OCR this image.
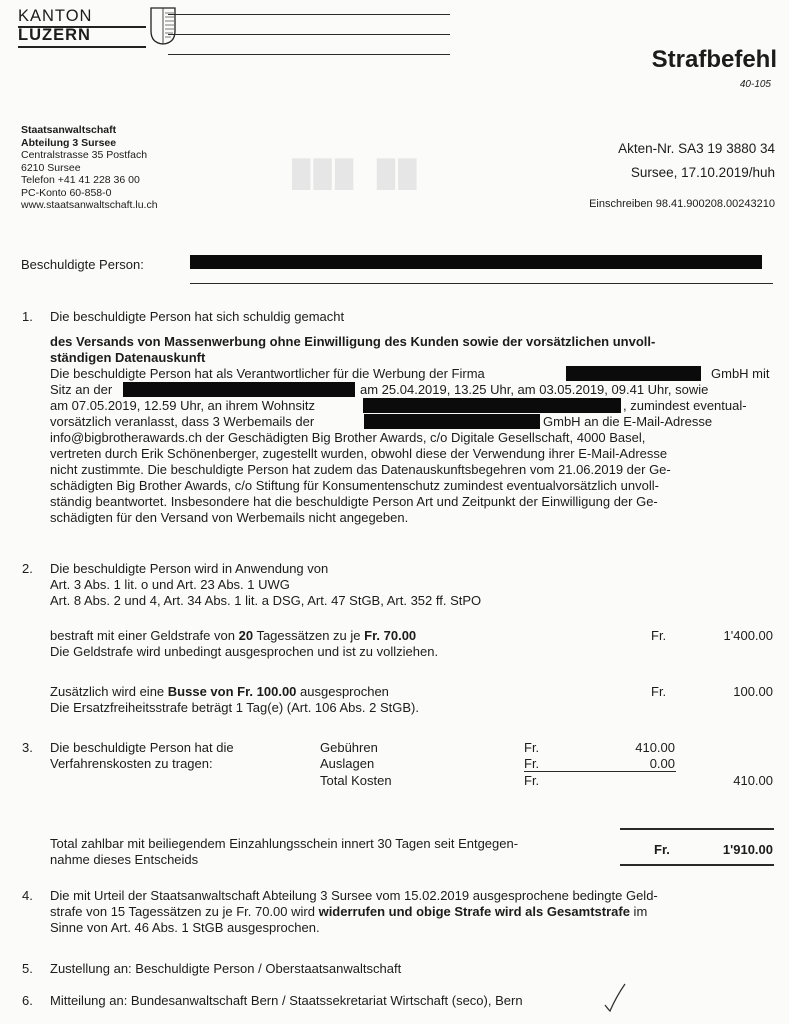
KANTON
LUZERN
Strafbefehl
40-105
Staatsanwaltschaft
Abteilung 3 Sursee
Centralstrasse 35 Postfach
6210 Sursee
Telefon +41 41 228 36 00
PC-Konto 60-858-0
www.staatsanwaltschaft.lu.ch
███  ██
Akten-Nr. SA3 19 3880 34
Sursee, 17.10.2019/huh
Einschreiben 98.41.900208.00243210
Beschuldigte Person:
1. Die beschuldigte Person hat sich schuldig gemacht
des Versands von Massenwerbung ohne Einwilligung des Kunden sowie der vorsätzlichen unvoll-
ständigen Datenauskunft
Die beschuldigte Person hat als Verantwortlicher für die Werbung der Firma	GmbH mit
Sitz an der	am 25.04.2019, 13.25 Uhr, am 03.05.2019, 09.41 Uhr, sowie
am 07.05.2019, 12.59 Uhr, an ihrem Wohnsitz	, zumindest eventual-
vorsätzlich veranlasst, dass 3 Werbemails der	GmbH an die E-Mail-Adresse
info@bigbrotherawards.ch der Geschädigten Big Brother Awards, c/o Digitale Gesellschaft, 4000 Basel,
vertreten durch Erik Schönenberger, zugestellt wurden, obwohl diese der Verwendung ihrer E-Mail-Adresse
nicht zustimmte. Die beschuldigte Person hat zudem das Datenauskunftsbegehren vom 21.06.2019 der Ge-
schädigten Big Brother Awards, c/o Stiftung für Konsumentenschutz zumindest eventualvorsätzlich unvoll-
ständig beantwortet. Insbesondere hat die beschuldigte Person Art und Zeitpunkt der Einwilligung der Ge-
schädigten für den Versand von Werbemails nicht angegeben.
2. Die beschuldigte Person wird in Anwendung von
Art. 3 Abs. 1 lit. o und Art. 23 Abs. 1 UWG
Art. 8 Abs. 2 und 4, Art. 34 Abs. 1 lit. a DSG, Art. 47 StGB, Art. 352 ff. StPO
bestraft mit einer Geldstrafe von 20 Tagessätzen zu je Fr. 70.00
Die Geldstrafe wird unbedingt ausgesprochen und ist zu vollziehen.
Fr.	1'400.00
Zusätzlich wird eine Busse von Fr. 100.00 ausgesprochen
Die Ersatzfreiheitsstrafe beträgt 1 Tag(e) (Art. 106 Abs. 2 StGB).
Fr.	100.00
3. Die beschuldigte Person hat die
Verfahrenskosten zu tragen:
Gebühren	Fr.	410.00
Auslagen	Fr.	0.00
Total Kosten	Fr.	410.00
Total zahlbar mit beiliegendem Einzahlungsschein innert 30 Tagen seit Entgegen-
nahme dieses Entscheids
Fr.	1'910.00
4. Die mit Urteil der Staatsanwaltschaft Abteilung 3 Sursee vom 15.02.2019 ausgesprochene bedingte Geld-
strafe von 15 Tagessätzen zu je Fr. 70.00 wird widerrufen und obige Strafe wird als Gesamtstrafe im
Sinne von Art. 46 Abs. 1 StGB ausgesprochen.
5. Zustellung an: Beschuldigte Person / Oberstaatsanwaltschaft
6. Mitteilung an: Bundesanwaltschaft Bern / Staatssekretariat Wirtschaft (seco), Bern
